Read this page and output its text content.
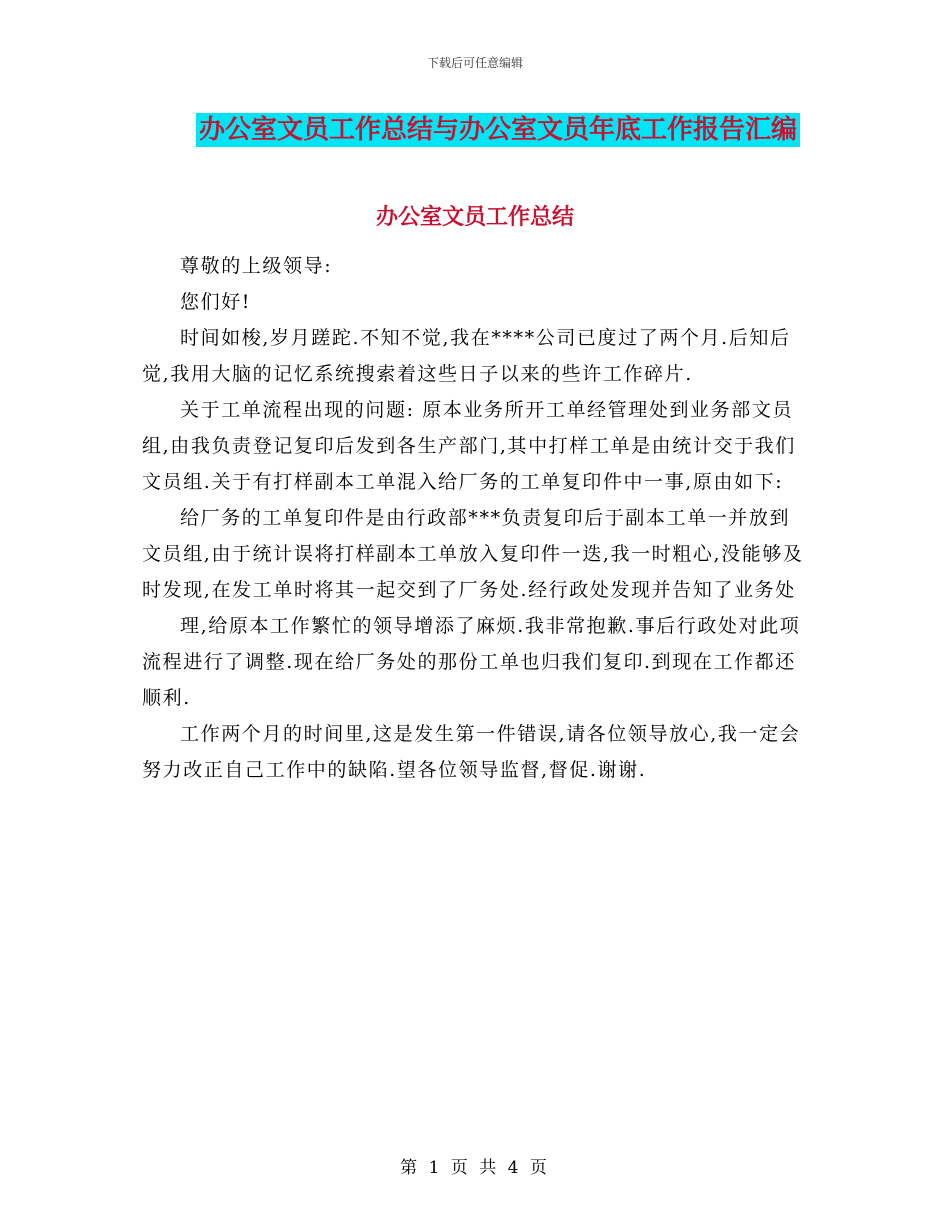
下载后可任意编辑
办公室文员工作总结与办公室文员年底工作报告汇编
办公室文员工作总结

尊敬的上级领导:

您们好!

时间如梭,岁月蹉跎.不知不觉,我在****公司已度过了两个月.后知后觉,我用大脑的记忆系统搜索着这些日子以来的些许工作碎片.

关于工单流程出现的问题: 原本业务所开工单经管理处到业务部文员组,由我负责登记复印后发到各生产部门,其中打样工单是由统计交于我们文员组.关于有打样副本工单混入给厂务的工单复印件中一事,原由如下:

给厂务的工单复印件是由行政部***负责复印后于副本工单一并放到文员组,由于统计误将打样副本工单放入复印件一迭,我一时粗心,没能够及时发现,在发工单时将其一起交到了厂务处.经行政处发现并告知了业务处

理,给原本工作繁忙的领导增添了麻烦.我非常抱歉.事后行政处对此项流程进行了调整.现在给厂务处的那份工单也归我们复印.到现在工作都还顺利.

工作两个月的时间里,这是发生第一件错误,请各位领导放心,我一定会努力改正自己工作中的缺陷.望各位领导监督,督促.谢谢.

第 1 页 共 4 页
